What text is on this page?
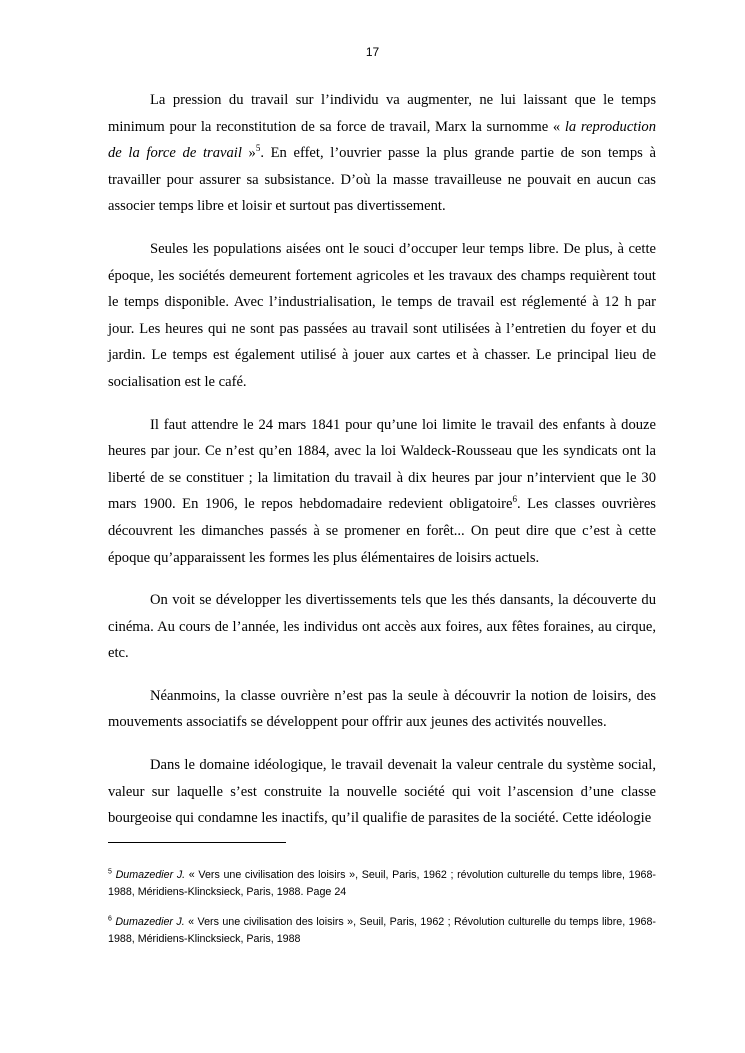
17

La pression du travail sur l’individu va augmenter, ne lui laissant que le temps minimum pour la reconstitution de sa force de travail, Marx la surnomme « la reproduction de la force de travail »$^5$. En effet, l’ouvrier passe la plus grande partie de son temps à travailler pour assurer sa subsistance. D’où la masse travailleuse ne pouvait en aucun cas associer temps libre et loisir et surtout pas divertissement.

Seules les populations aisées ont le souci d’occuper leur temps libre. De plus, à cette époque, les sociétés demeurent fortement agricoles et les travaux des champs requièrent tout le temps disponible. Avec l’industrialisation, le temps de travail est réglementé à 12 h par jour. Les heures qui ne sont pas passées au travail sont utilisées à l’entretien du foyer et du jardin. Le temps est également utilisé à jouer aux cartes et à chasser. Le principal lieu de socialisation est le café.

Il faut attendre le 24 mars 1841 pour qu’une loi limite le travail des enfants à douze heures par jour. Ce n’est qu’en 1884, avec la loi Waldeck-Rousseau que les syndicats ont la liberté de se constituer ; la limitation du travail à dix heures par jour n’intervient que le 30 mars 1900. En 1906, le repos hebdomadaire redevient obligatoire$^6$. Les classes ouvrières découvrent les dimanches passés à se promener en forêt... On peut dire que c’est à cette époque qu’apparaissent les formes les plus élémentaires de loisirs actuels.

On voit se développer les divertissements tels que les thés dansants, la découverte du cinéma. Au cours de l’année, les individus ont accès aux foires, aux fêtes foraines, au cirque, etc.

Néanmoins, la classe ouvrière n’est pas la seule à découvrir la notion de loisirs, des mouvements associatifs se développent pour offrir aux jeunes des activités nouvelles.

Dans le domaine idéologique, le travail devenait la valeur centrale du système social, valeur sur laquelle s’est construite la nouvelle société qui voit l’ascension d’une classe bourgeoise qui condamne les inactifs, qu’il qualifie de parasites de la société. Cette idéologie

$^5$ Dumazedier J. « Vers une civilisation des loisirs », Seuil, Paris, 1962 ; révolution culturelle du temps libre, 1968-1988, Méridiens-Klincksieck, Paris, 1988. Page 24
$^6$ Dumazedier J. « Vers une civilisation des loisirs », Seuil, Paris, 1962 ; Révolution culturelle du temps libre, 1968-1988, Méridiens-Klincksieck, Paris, 1988
